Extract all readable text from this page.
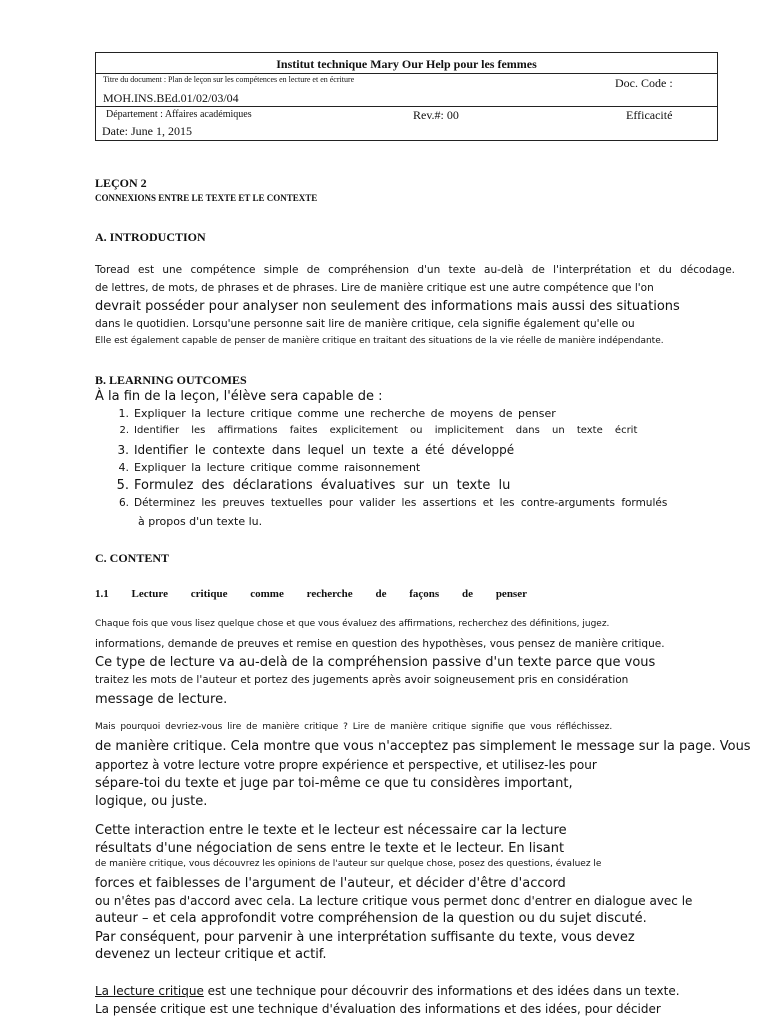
Institut technique Mary Our Help pour les femmes
Titre du document : Plan de leçon sur les compétences en lecture et en écriture	Doc. Code :
MOH.INS.BEd.01/02/03/04
Département : Affaires académiques	Rev.#: 00	Efficacité
Date: June 1, 2015
LEÇON 2
CONNEXIONS ENTRE LE TEXTE ET LE CONTEXTE
A. INTRODUCTION
Toread est une compétence simple de compréhension d'un texte au-delà de l'interprétation et du décodage.
de lettres, de mots, de phrases et de phrases. Lire de manière critique est une autre compétence que l'on
devrait posséder pour analyser non seulement des informations mais aussi des situations
dans le quotidien. Lorsqu'une personne sait lire de manière critique, cela signifie également qu'elle ou
Elle est également capable de penser de manière critique en traitant des situations de la vie réelle de manière indépendante.
B. LEARNING OUTCOMES
À la fin de la leçon, l'élève sera capable de :
1. Expliquer la lecture critique comme une recherche de moyens de penser
2. Identifier les affirmations faites explicitement ou implicitement dans un texte écrit
3. Identifier le contexte dans lequel un texte a été développé
4. Expliquer la lecture critique comme raisonnement
5. Formulez des déclarations évaluatives sur un texte lu
6. Déterminez les preuves textuelles pour valider les assertions et les contre-arguments formulés
à propos d'un texte lu.
C. CONTENT
1.1 Lecture critique comme recherche de façons de penser
Chaque fois que vous lisez quelque chose et que vous évaluez des affirmations, recherchez des définitions, jugez.
informations, demande de preuves et remise en question des hypothèses, vous pensez de manière critique.
Ce type de lecture va au-delà de la compréhension passive d'un texte parce que vous
traitez les mots de l'auteur et portez des jugements après avoir soigneusement pris en considération
message de lecture.
Mais pourquoi devriez-vous lire de manière critique ? Lire de manière critique signifie que vous réfléchissez.
de manière critique. Cela montre que vous n'acceptez pas simplement le message sur la page. Vous
apportez à votre lecture votre propre expérience et perspective, et utilisez-les pour
sépare-toi du texte et juge par toi-même ce que tu considères important,
logique, ou juste.
Cette interaction entre le texte et le lecteur est nécessaire car la lecture
résultats d'une négociation de sens entre le texte et le lecteur. En lisant
de manière critique, vous découvrez les opinions de l'auteur sur quelque chose, posez des questions, évaluez le
forces et faiblesses de l'argument de l'auteur, et décider d'être d'accord
ou n'êtes pas d'accord avec cela. La lecture critique vous permet donc d'entrer en dialogue avec le
auteur – et cela approfondit votre compréhension de la question ou du sujet discuté.
Par conséquent, pour parvenir à une interprétation suffisante du texte, vous devez
devenez un lecteur critique et actif.
La lecture critique est une technique pour découvrir des informations et des idées dans un texte.
La pensée critique est une technique d'évaluation des informations et des idées, pour décider
